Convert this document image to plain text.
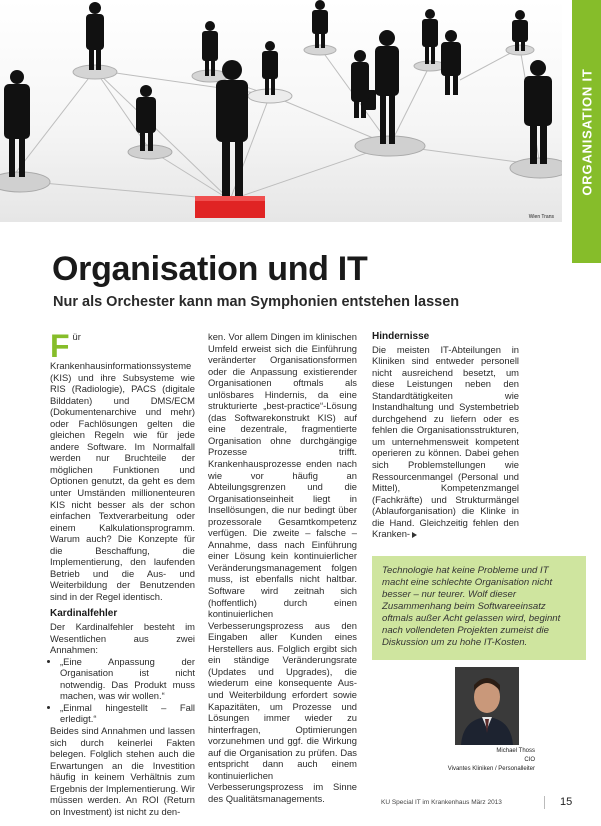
Wien Trans
ORGANISATION IT
Organisation und IT
Nur als Orchester kann man Symphonien entstehen lassen

Für Krankenhausinformationssysteme (KIS) und ihre Subsysteme wie RIS (Radiologie), PACS (digitale Bilddaten) und DMS/ECM (Dokumentenarchive und mehr) oder Fachlösungen gelten die gleichen Regeln wie für jede andere Software. Im Normalfall werden nur Bruchteile der möglichen Funktionen und Optionen genutzt, da geht es dem unter Umständen millionenteuren KIS nicht besser als der schon einfachen Textverarbeitung oder einem Kalkulationsprogramm. Warum auch? Die Konzepte für die Beschaffung, die Implementierung, den laufenden Betrieb und die Aus- und Weiterbildung der Benutzenden sind in der Regel identisch.

Kardinalfehler

Der Kardinalfehler besteht im Wesentlichen aus zwei Annahmen:

• „Eine Anpassung der Organisation ist nicht notwendig. Das Produkt muss machen, was wir wollen.“
• „Einmal hingestellt – Fall erledigt.“

Beides sind Annahmen und lassen sich durch keinerlei Fakten belegen. Folglich stehen auch die Erwartungen an die Investition häufig in keinem Verhältnis zum Ergebnis der Implementierung. Wir müssen werden. An ROI (Return on Investment) ist nicht zu den-

ken. Vor allem Dingen im klinischen Umfeld erweist sich die Einführung veränderter Organisationsformen oder die Anpassung existierender Organisationen oftmals als unlösbares Hindernis, da eine strukturierte „best-practice“-Lösung (das Softwarekonstrukt KIS) auf eine dezentrale, fragmentierte Organisation ohne durchgängige Prozesse trifft. Krankenhausprozesse enden nach wie vor häufig an Abteilungsgrenzen und die Organisationseinheit liegt in Insellösungen, die nur bedingt über prozessorale Gesamtkompetenz verfügen. Die zweite – falsche – Annahme, dass nach Einführung einer Lösung kein kontinuierlicher Veränderungsmanagement folgen muss, ist ebenfalls nicht haltbar. Software wird zeitnah sich (hoffentlich) durch einen kontinuierlichen Verbesserungsprozess aus den Eingaben aller Kunden eines Herstellers aus. Folglich ergibt sich ein ständige Veränderungsrate (Updates und Upgrades), die wiederum eine konsequente Aus- und Weiterbildung erfordert sowie Kapazitäten, um Prozesse und Lösungen immer wieder zu hinterfragen, Optimierungen vorzunehmen und ggf. die Wirkung auf die Organisation zu prüfen. Das entspricht dann auch einem kontinuierlichen Verbesserungsprozess im Sinne des Qualitätsmanagements.

Hindernisse

Die meisten IT-Abteilungen in Kliniken sind entweder personell nicht ausreichend besetzt, um diese Leistungen neben den Standardtätigkeiten wie Instandhaltung und Systembetrieb durchgehend zu liefern oder es fehlen die Organisationsstrukturen, um unternehmensweit kompetent operieren zu können. Dabei gehen sich Problemstellungen wie Ressourcenmangel (Personal und Mittel), Kompetenzmangel (Fachkräfte) und Strukturmängel (Ablauforganisation) die Klinke in die Hand. Gleichzeitig fehlen den Kranken-

Technologie hat keine Probleme und IT macht eine schlechte Organisation nicht besser – nur teurer. Wolf dieser Zusammenhang beim Softwareeinsatz oftmals außer Acht gelassen wird, beginnt nach vollendeten Projekten zumeist die Diskussion um zu hohe IT-Kosten.
Michael Thoss
CIO
Vivantes Kliniken / Personalleiter
KU Special IT im Krankenhaus März 2013	15
